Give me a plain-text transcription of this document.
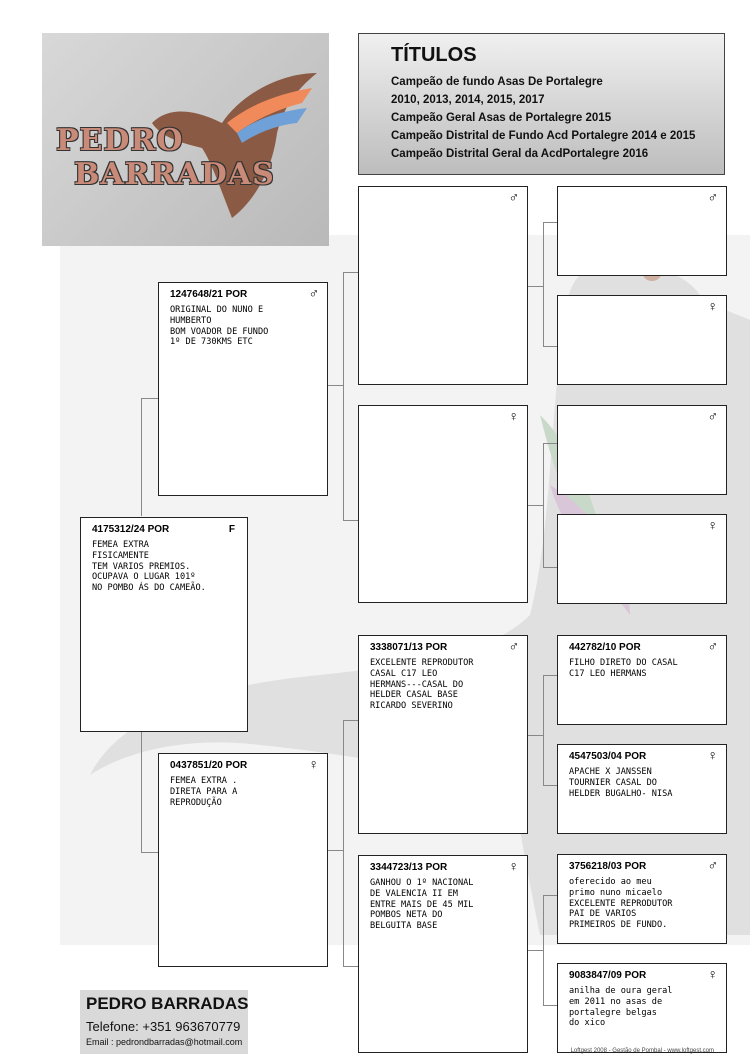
PEDRO
BARRADAS
TÍTULOS
Campeão de fundo Asas De Portalegre
2010, 2013, 2014, 2015, 2017
Campeão Geral Asas de Portalegre 2015
Campeão Distrital de Fundo Acd Portalegre 2014 e 2015
Campeão Distrital Geral da AcdPortalegre 2016
4175312/24 POR	F
FEMEA EXTRA
FISICAMENTE
TEM VARIOS PREMIOS.
OCUPAVA O LUGAR 101º
NO POMBO ÁS DO CAMEÃO.
1247648/21 POR	♂
ORIGINAL DO NUNO E
HUMBERTO
BOM VOADOR DE FUNDO
1º DE 730KMS ETC
0437851/20 POR	♀
FEMEA EXTRA .
DIRETA PARA A
REPRODUÇÃO
♂
♀
3338071/13 POR	♂
EXCELENTE REPRODUTOR
CASAL C17 LEO
HERMANS---CASAL DO
HELDER CASAL BASE
RICARDO SEVERINO
3344723/13 POR	♀
GANHOU O 1º NACIONAL
DE VALENCIA II EM
ENTRE MAIS DE 45 MIL
POMBOS NETA DO
BELGUITA BASE
♂
♀
♂
♀
442782/10 POR	♂
FILHO DIRETO DO CASAL
C17 LEO HERMANS
4547503/04 POR	♀
APACHE X JANSSEN
TOURNIER CASAL DO
HELDER BUGALHO- NISA
3756218/03 POR	♂
oferecido ao meu
primo nuno micaelo
EXCELENTE REPRODUTOR
PAI DE VARIOS
PRIMEIROS DE FUNDO.
9083847/09 POR	♀
anilha de oura geral
em 2011 no asas de
portalegre belgas
do xico
PEDRO BARRADAS
Telefone: +351 963670779
Email : pedrondbarradas@hotmail.com
Loftgest 2008 - Gestão de Pombal - www.loftgest.com
